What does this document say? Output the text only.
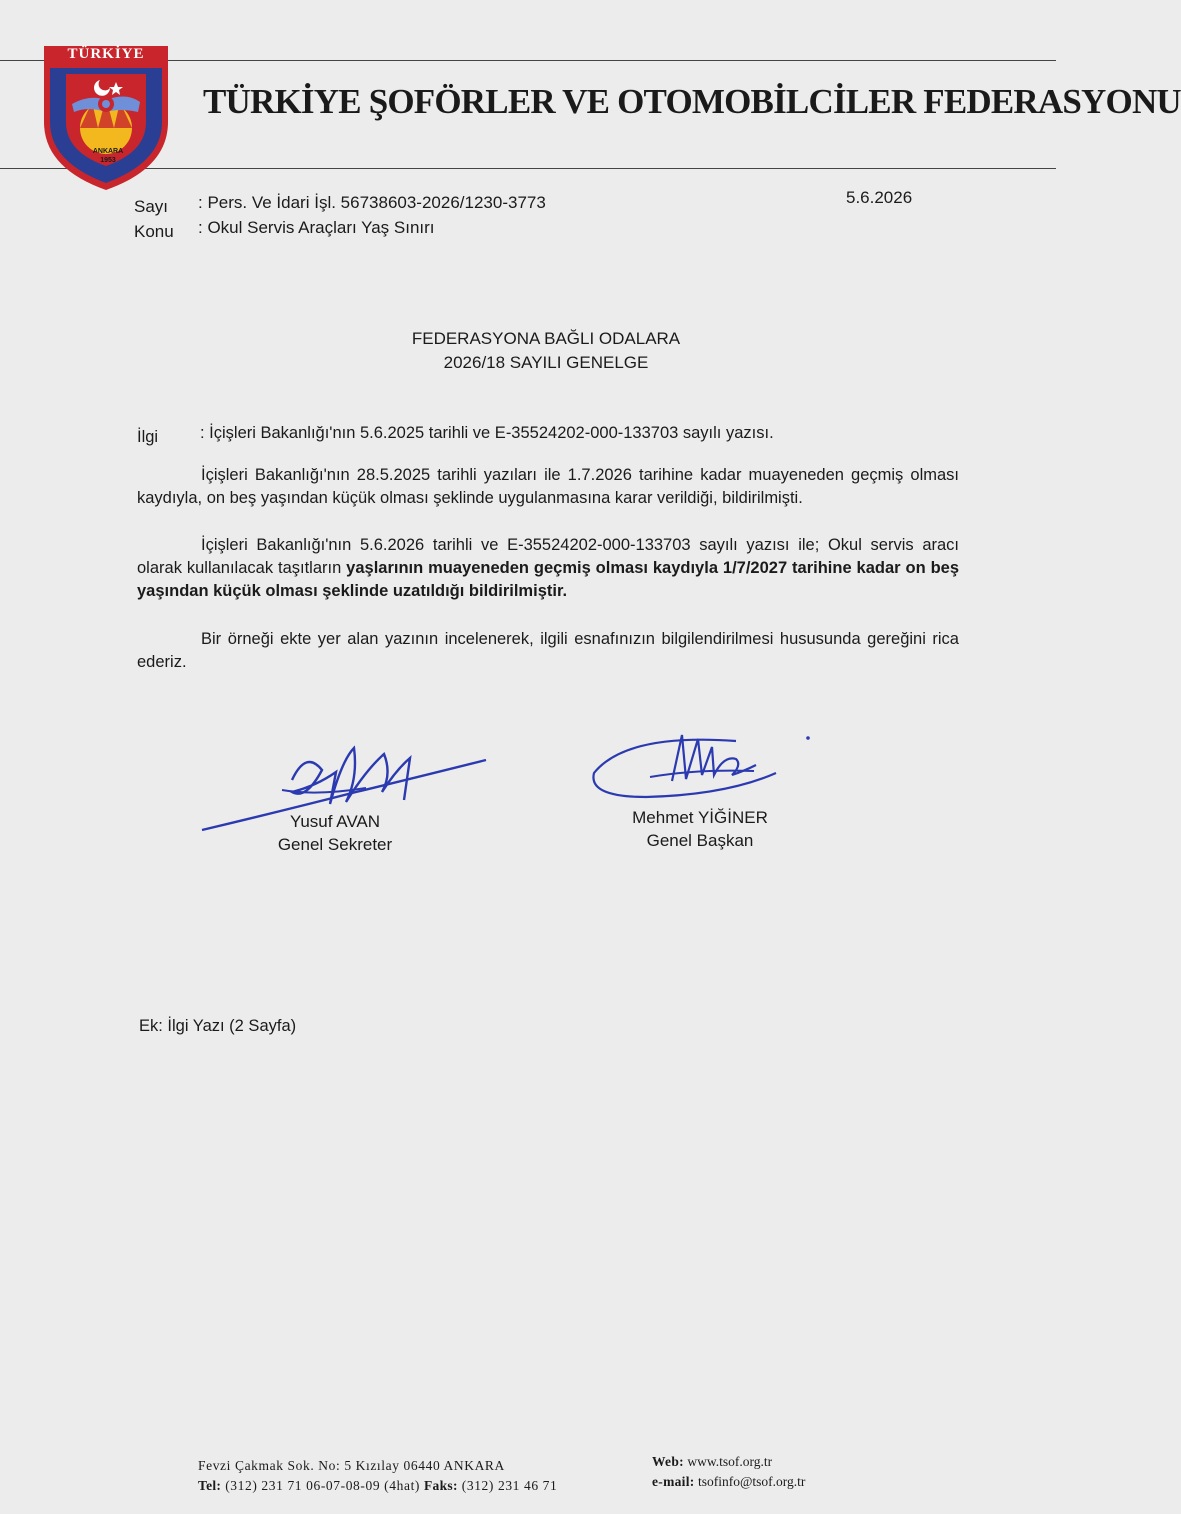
TÜRKİYE
ANKARA
1953
TÜRKİYE ŞOFÖRLER VE OTOMOBİLCİLER FEDERASYONU
Sayı : Pers. Ve İdari İşl. 56738603-2026/1230-3773
Konu : Okul Servis Araçları Yaş Sınırı
5.6.2026
FEDERASYONA BAĞLI ODALARA
2026/18 SAYILI GENELGE
İlgi	: İçişleri Bakanlığı'nın 5.6.2025 tarihli ve E-35524202-000-133703 sayılı yazısı.
İçişleri Bakanlığı'nın 28.5.2025 tarihli yazıları ile 1.7.2026 tarihine kadar muayeneden geçmiş olması kaydıyla, on beş yaşından küçük olması şeklinde uygulanmasına karar verildiği, bildirilmişti.
İçişleri Bakanlığı'nın 5.6.2026 tarihli ve E-35524202-000-133703 sayılı yazısı ile; Okul servis aracı olarak kullanılacak taşıtların yaşlarının muayeneden geçmiş olması kaydıyla 1/7/2027 tarihine kadar on beş yaşından küçük olması şeklinde uzatıldığı bildirilmiştir.
Bir örneği ekte yer alan yazının incelenerek, ilgili esnafınızın bilgilendirilmesi hususunda gereğini rica ederiz.
Yusuf AVAN
Genel Sekreter
Mehmet YİĞİNER
Genel Başkan
Ek: İlgi Yazı (2 Sayfa)
Fevzi Çakmak Sok. No: 5 Kızılay 06440 ANKARA
Tel: (312) 231 71 06-07-08-09 (4hat) Faks: (312) 231 46 71
Web: www.tsof.org.tr
e-mail: tsofinfo@tsof.org.tr
